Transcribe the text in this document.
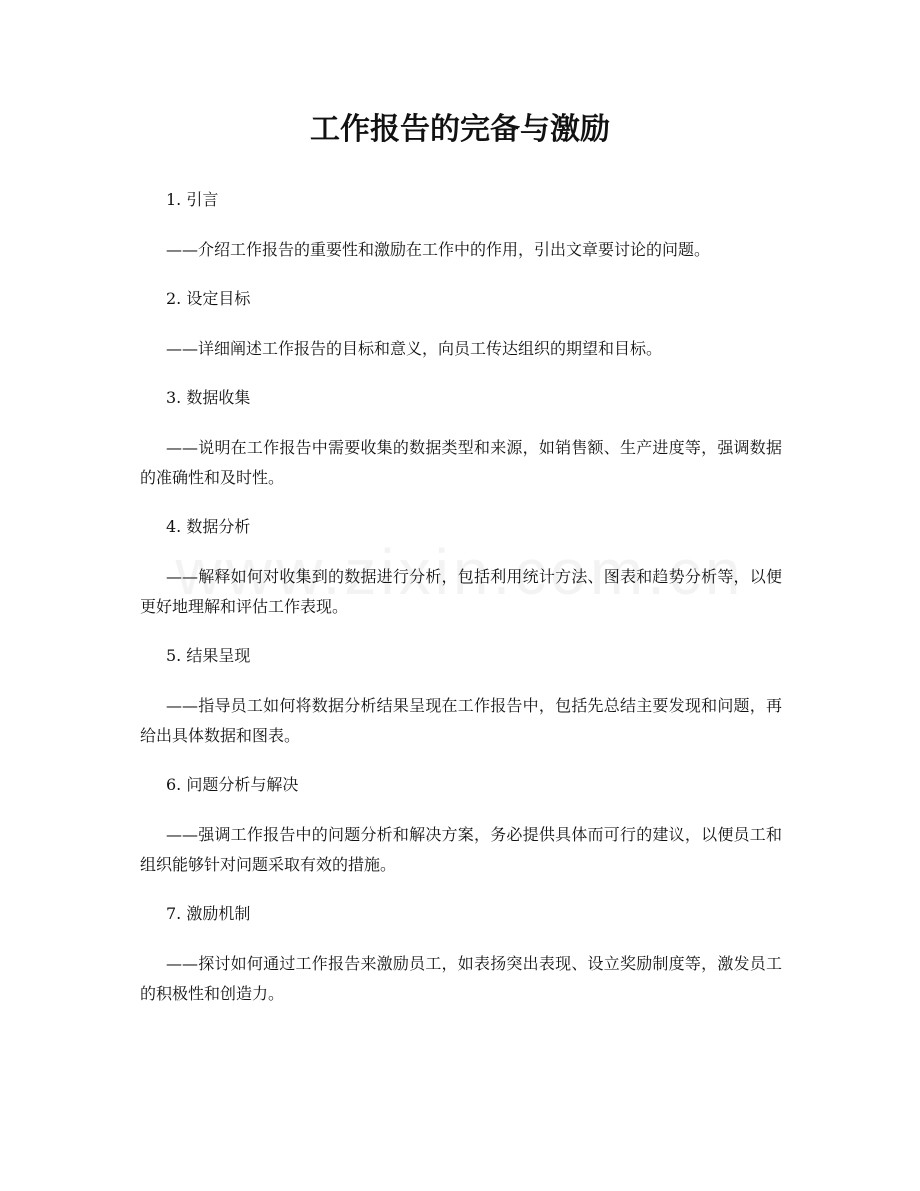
工作报告的完备与激励

1. 引言

——介绍工作报告的重要性和激励在工作中的作用，引出文章要讨论的问题。

2. 设定目标

——详细阐述工作报告的目标和意义，向员工传达组织的期望和目标。

3. 数据收集

——说明在工作报告中需要收集的数据类型和来源，如销售额、生产进度等，强调数据的准确性和及时性。

4. 数据分析

——解释如何对收集到的数据进行分析，包括利用统计方法、图表和趋势分析等，以便更好地理解和评估工作表现。

5. 结果呈现

——指导员工如何将数据分析结果呈现在工作报告中，包括先总结主要发现和问题，再给出具体数据和图表。

6. 问题分析与解决

——强调工作报告中的问题分析和解决方案，务必提供具体而可行的建议，以便员工和组织能够针对问题采取有效的措施。

7. 激励机制

——探讨如何通过工作报告来激励员工，如表扬突出表现、设立奖励制度等，激发员工的积极性和创造力。
